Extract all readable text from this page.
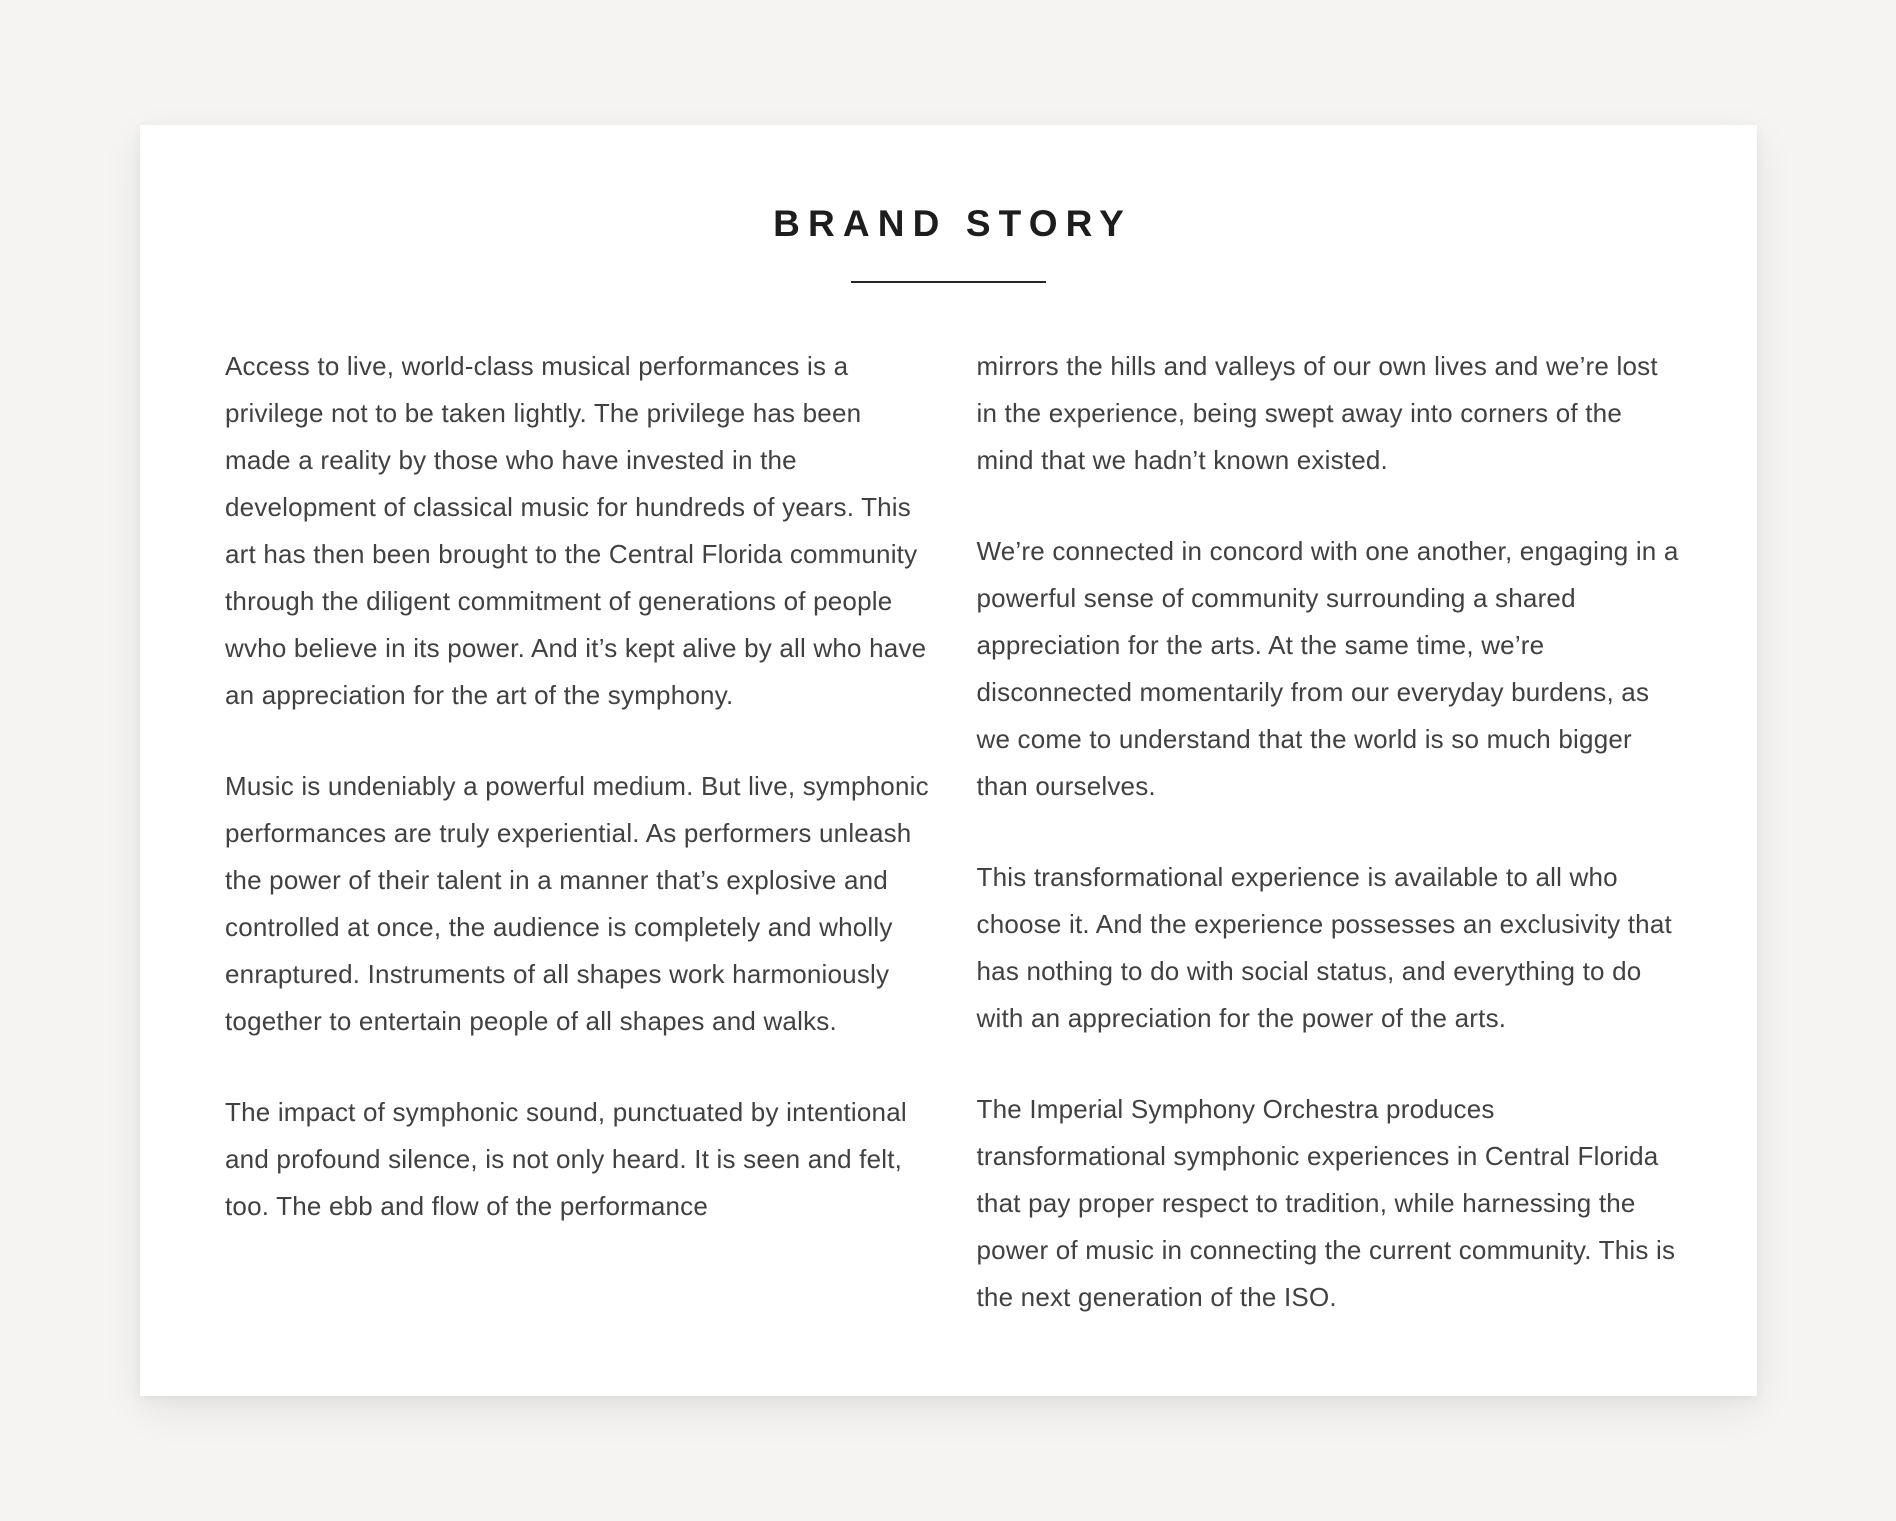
BRAND STORY

Access to live, world-class musical performances is a privilege not to be taken lightly. The privilege has been made a reality by those who have invested in the development of classical music for hundreds of years. This art has then been brought to the Central Florida community through the diligent commitment of generations of people wvho believe in its power. And it’s kept alive by all who have an appreciation for the art of the symphony.

Music is undeniably a powerful medium. But live, symphonic performances are truly experiential. As performers unleash the power of their talent in a manner that’s explosive and controlled at once, the audience is completely and wholly enraptured. Instruments of all shapes work harmoniously together to entertain people of all shapes and walks.

The impact of symphonic sound, punctuated by intentional and profound silence, is not only heard. It is seen and felt, too. The ebb and flow of the performance

mirrors the hills and valleys of our own lives and we’re lost in the experience, being swept away into corners of the mind that we hadn’t known existed.

We’re connected in concord with one another, engaging in a powerful sense of community surrounding a shared appreciation for the arts. At the same time, we’re disconnected momentarily from our everyday burdens, as we come to understand that the world is so much bigger than ourselves.

This transformational experience is available to all who choose it. And the experience possesses an exclusivity that has nothing to do with social status, and everything to do with an appreciation for the power of the arts.

The Imperial Symphony Orchestra produces transformational symphonic experiences in Central Florida that pay proper respect to tradition, while harnessing the power of music in connecting the current community. This is the next generation of the ISO.
